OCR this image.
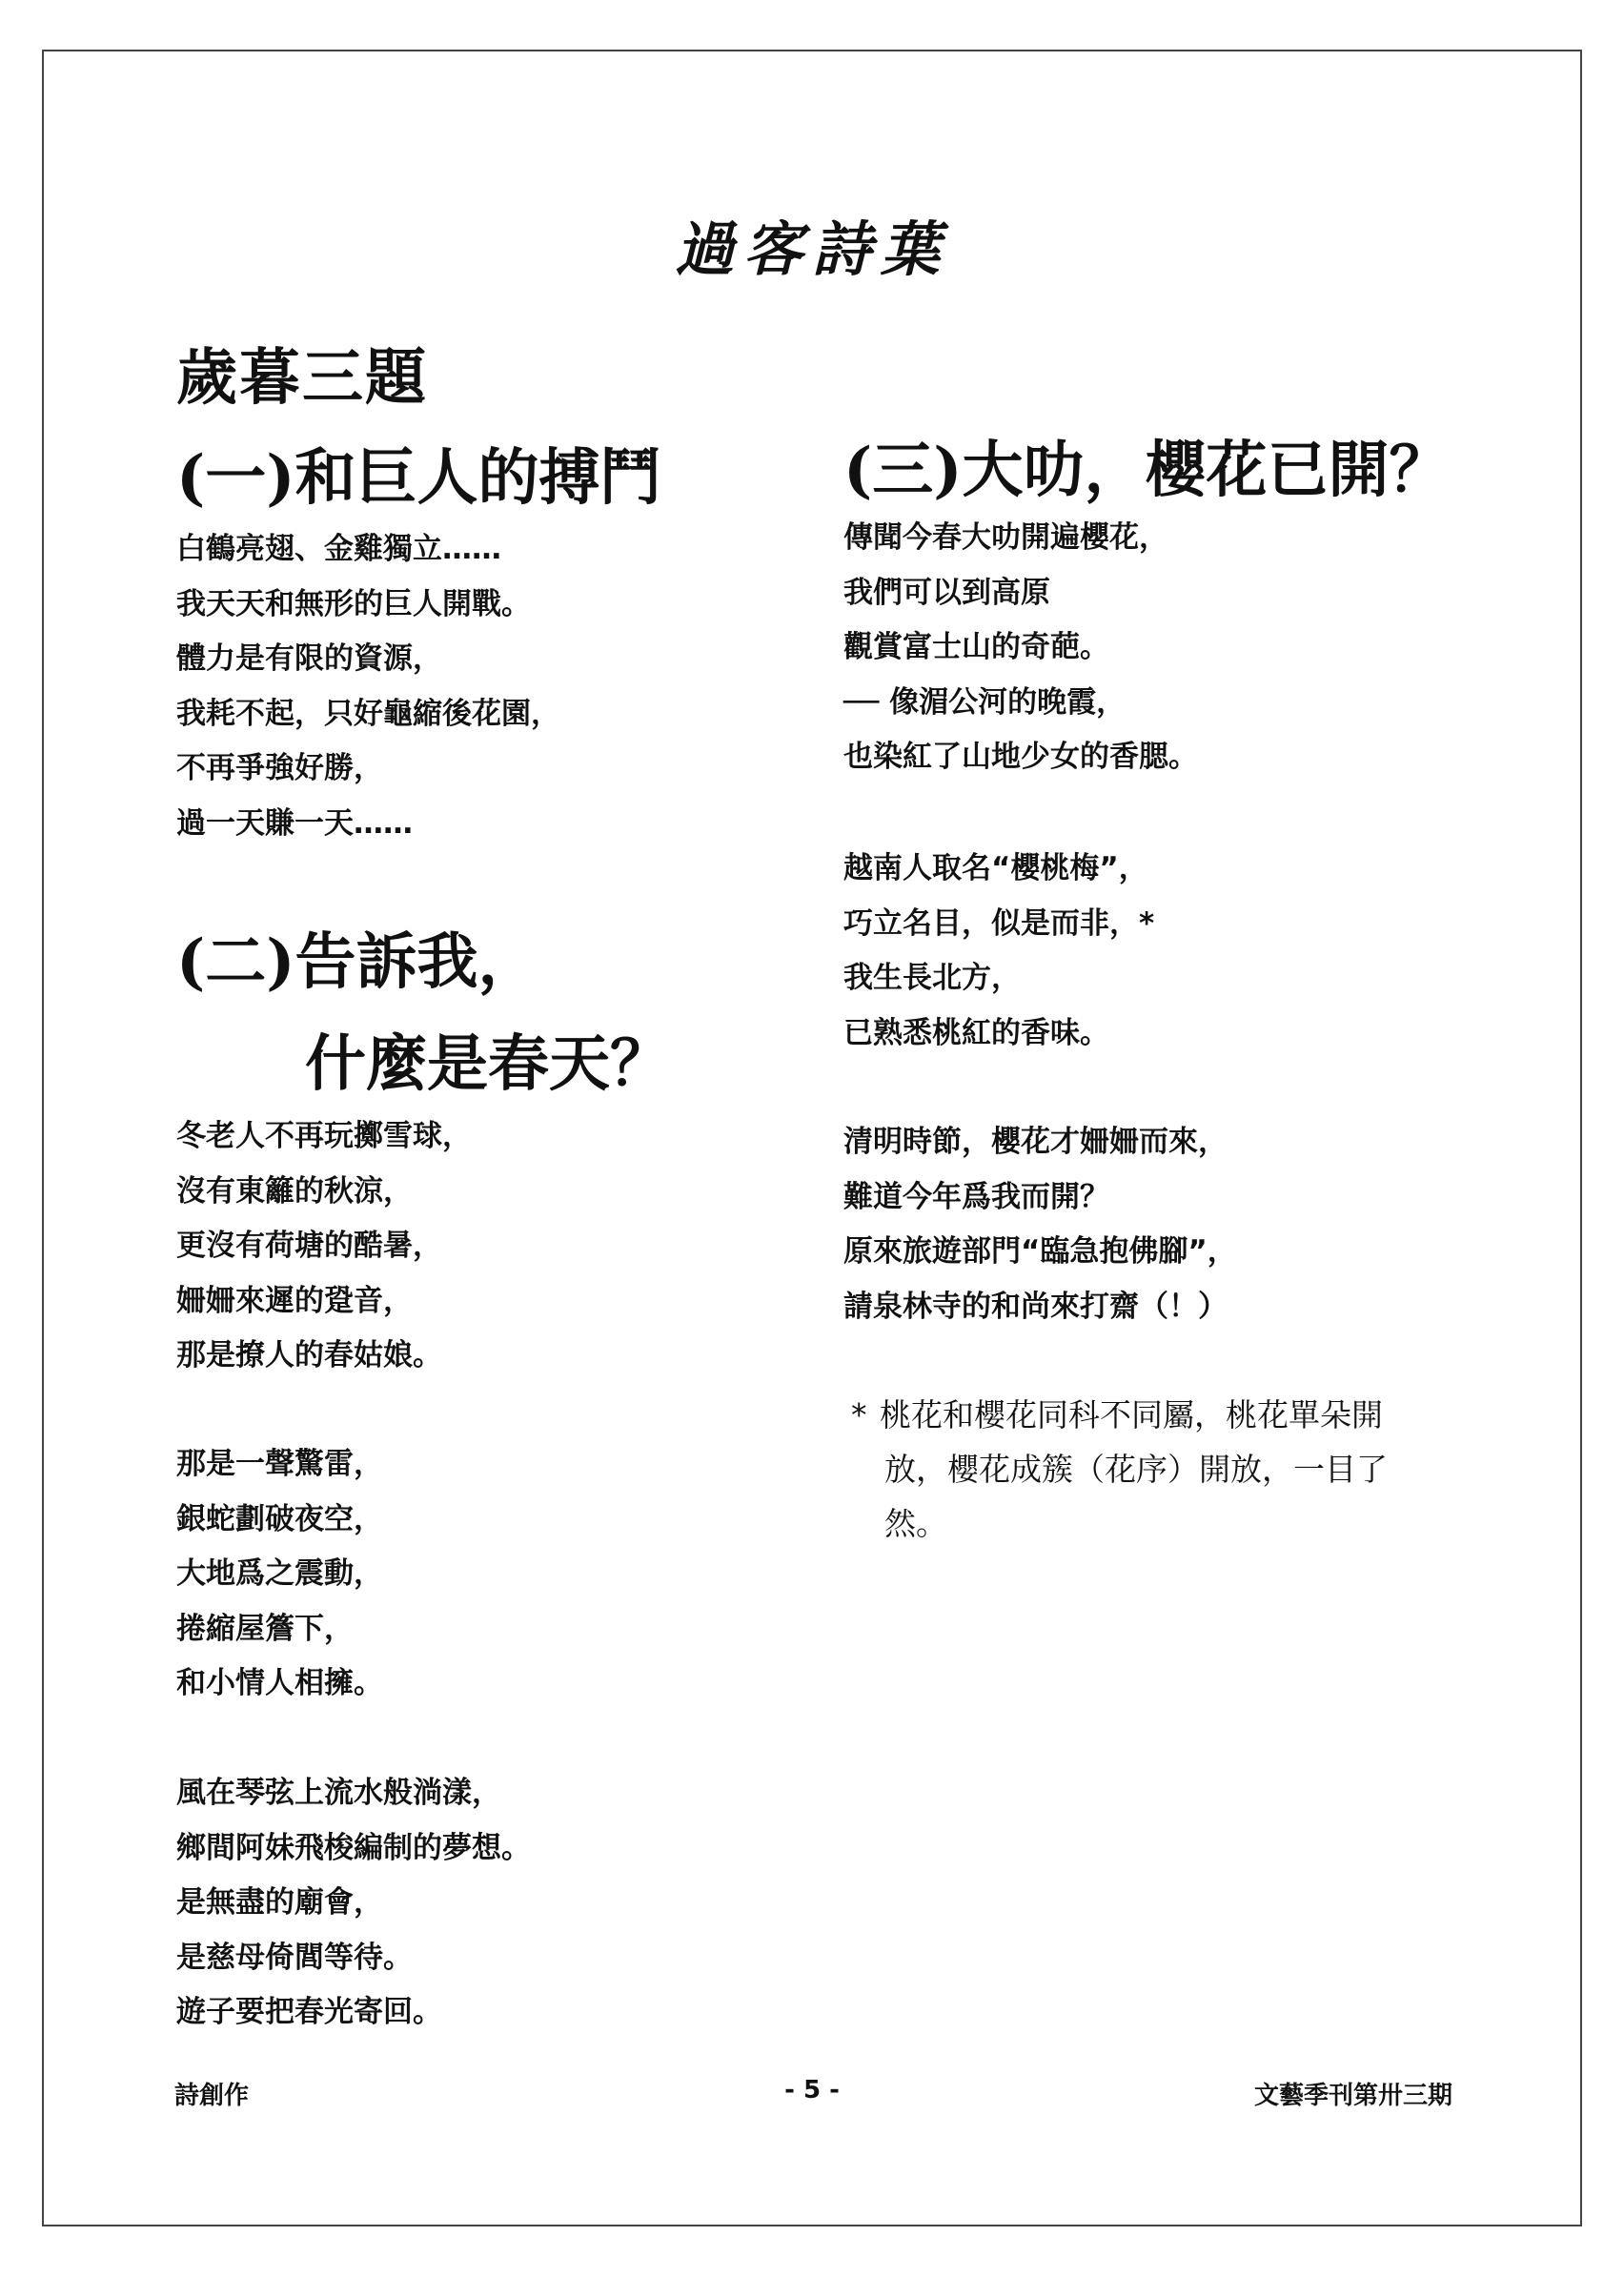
過客詩葉
歲暮三題
(一)和巨人的搏鬥
白鶴亮翅、金雞獨立……
我天天和無形的巨人開戰。
體力是有限的資源，
我耗不起，只好龜縮後花園，
不再爭強好勝，
過一天賺一天……
(二)告訴我，
什麼是春天？
冬老人不再玩擲雪球，
沒有東籬的秋涼，
更沒有荷塘的酷暑，
姍姍來遲的跫音，
那是撩人的春姑娘。
那是一聲驚雷，
銀蛇劃破夜空，
大地爲之震動，
捲縮屋簷下，
和小情人相擁。
風在琴弦上流水般淌漾，
鄉間阿妹飛梭編制的夢想。
是無盡的廟會，
是慈母倚閭等待。
遊子要把春光寄回。
(三)大叻，櫻花已開？
傳聞今春大叻開遍櫻花，
我們可以到高原
觀賞富士山的奇葩。
── 像湄公河的晚霞，
也染紅了山地少女的香腮。
越南人取名“櫻桃梅”，
巧立名目，似是而非，*
我生長北方，
已熟悉桃紅的香味。
清明時節，櫻花才姍姍而來，
難道今年爲我而開？
原來旅遊部門“臨急抱佛腳”，
請泉林寺的和尚來打齋（！）
* 桃花和櫻花同科不同屬，桃花單朵開
放，櫻花成簇（花序）開放，一目了
然。
詩創作	- 5 -	文藝季刊第卅三期
